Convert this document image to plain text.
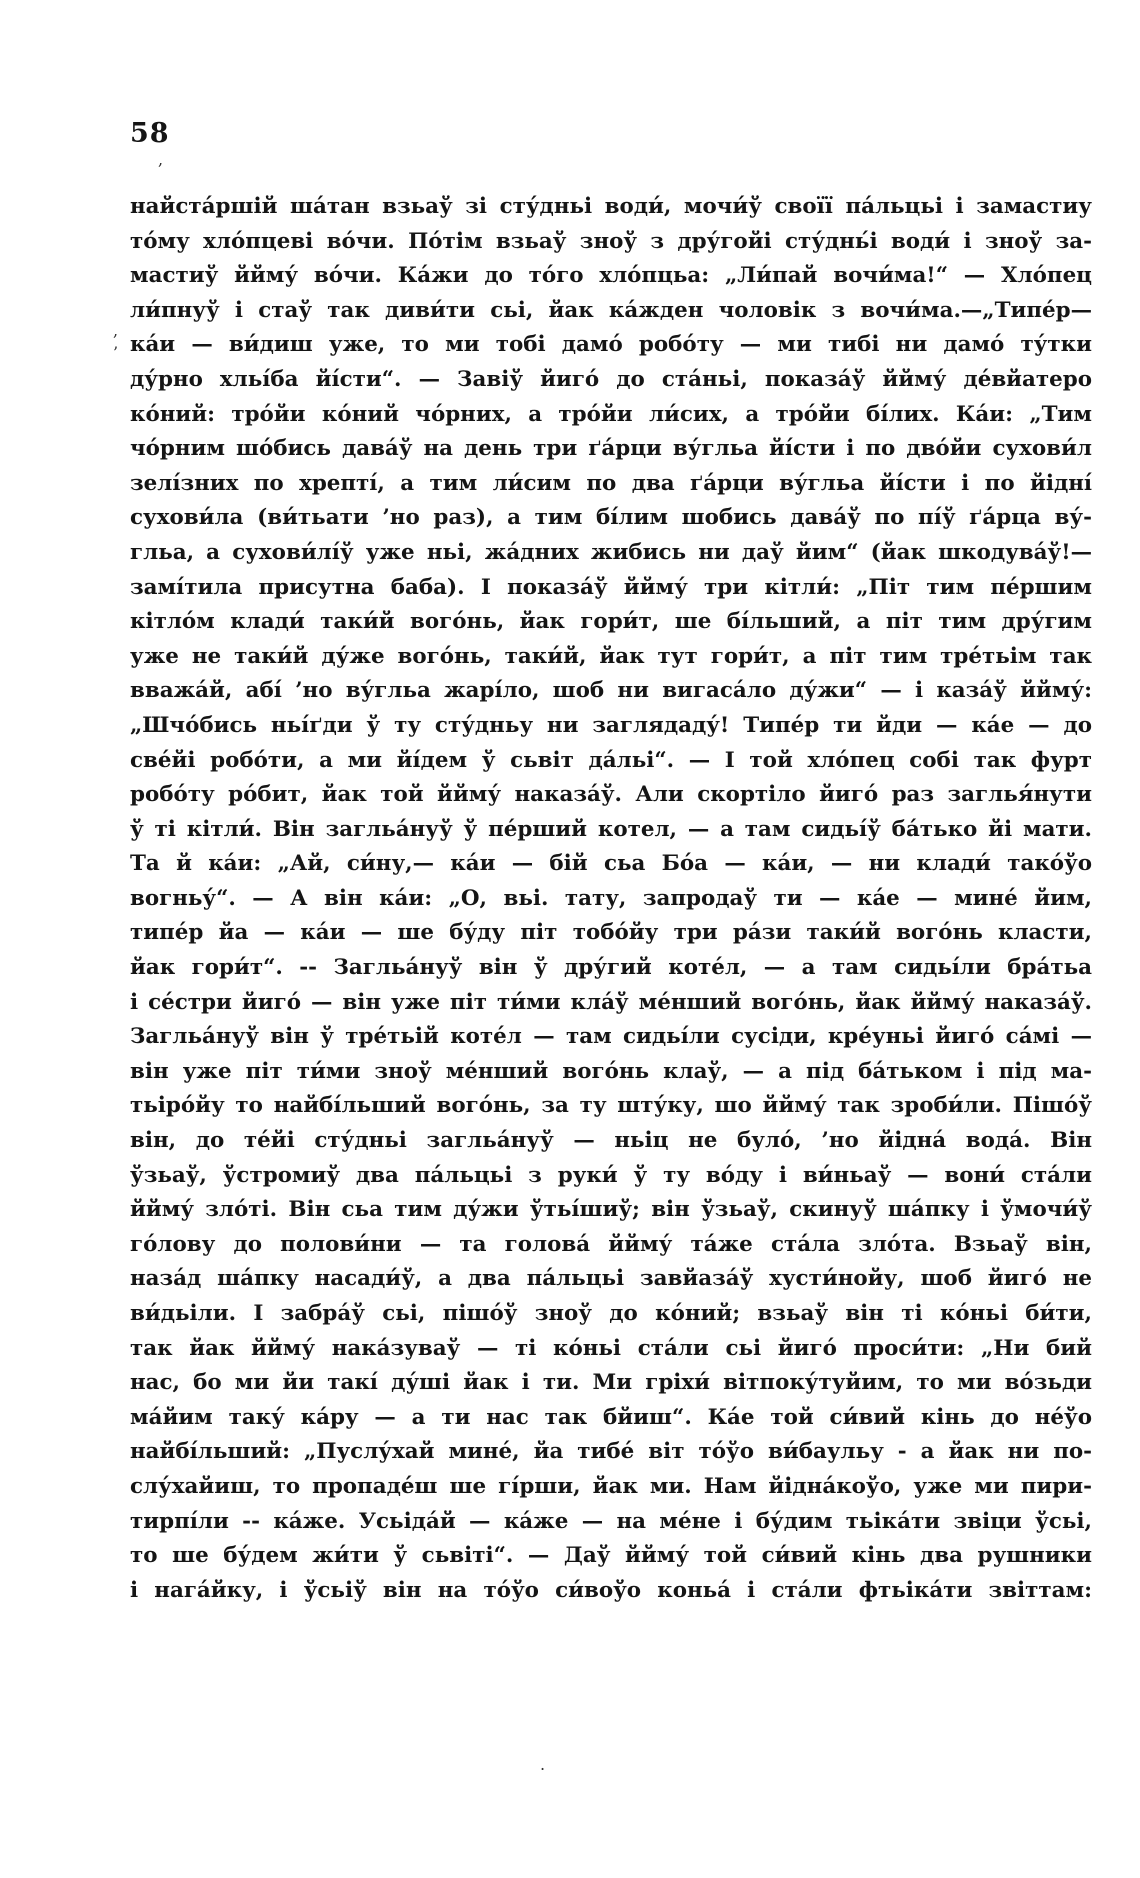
58
,
,
’
.
найста́ршій ша́тан взьаў зі сту́дньі води́, мочи́ў своїї па́льцьі і замастиу
то́му хло́пцеві во́чи. По́тім взьаў зноў з дру́гойі сту́днь́і води́ і зноў за-
мастиў ййму́ во́чи. Ка́жи до то́го хло́пцьа: „Ли́пай вочи́ма!“ — Хло́пец
ли́пнуў і стаў так диви́ти сьі, йак ка́жден чоловік з вочи́ма.—„Типе́р—
ка́и — ви́диш уже, то ми тобі дамо́ робо́ту — ми тибі ни дамо́ ту́тки
ду́рно хльі́ба йі́сти“. — Завіў йиго́ до ста́ньі, показа́ў ййму́ де́вйатеро
ко́ний: тро́йи ко́ний чо́рних, а тро́йи ли́сих, а тро́йи бі́лих. Ка́и: „Тим
чо́рним шо́бись дава́ў на день три ґа́рци ву́гльа йі́сти і по дво́йи сухови́л
зелі́зних по хрепті́, а тим ли́сим по два ґа́рци ву́гльа йі́сти і по йідні́
сухови́ла (ви́тьати ’но раз), а тим бі́лим шобись дава́ў по пі́ў ґа́рца ву́-
гльа, а сухови́лі́ў уже ньі, жа́дних жибись ни даў йим“ (йак шкодува́ў!—
замі́тила присутна баба). І показа́ў ййму́ три кітли́: „Піт тим пе́ршим
кітло́м клади́ таки́й вого́нь, йак гори́т, ше бі́льший, а піт тим дру́гим
уже не таки́й ду́же вого́нь, таки́й, йак тут гори́т, а піт тим тре́тьім так
вважа́й, абі́ ’но ву́гльа жарі́ло, шоб ни вигаса́ло ду́жи“ — і каза́ў ййму́:
„Шчо́бись ньі́ґди ў ту сту́дньу ни заглядаду́! Типе́р ти йди — ка́е — до
све́йі робо́ти, а ми йі́дем ў сьвіт да́льі“. — І той хло́пец собі так фурт
робо́ту ро́бит, йак той ййму́ наказа́ў. Али скортіло йиго́ раз заглья́нути
ў ті кітли́. Він загльа́нуў ў пе́рший котел, — а там сидьі́ў ба́тько йі мати.
Та й ка́и: „Ай, си́ну,— ка́и — бій сьа Бо́а — ка́и, — ни клади́ тако́ўо
вогньу́“. — А він ка́и: „О, вьі. тату, запродаў ти — ка́е — мине́ йим,
типе́р йа — ка́и — ше бу́ду піт тобо́йу три ра́зи таки́й вого́нь класти,
йак гори́т“. -- Загльа́нуў він ў дру́гий коте́л, — а там сидьі́ли бра́тьа
і се́стри йиго́ — він уже піт ти́ми кла́ў ме́нший вого́нь, йак ййму́ наказа́ў.
Загльа́нуў він ў тре́тьій коте́л — там сидьі́ли сусіди, крéуньі йиго́ са́мі —
він уже піт ти́ми зноў ме́нший вого́нь клаў, — а під ба́тьком і під ма-
тьіро́йу то найбі́льший вого́нь, за ту шту́ку, шо ййму́ так зроби́ли. Пішо́ў
він, до те́йі сту́дньі загльа́нуў — ньіц не було́, ’но йідна́ вода́. Він
ўзьаў, ўстромиў два па́льцьі з руки́ ў ту во́ду і ви́ньаў — вони́ ста́ли
ййму́ зло́ті. Він сьа тим ду́жи ўтьі́шиў; він ўзьаў, скинуў ша́пку і ўмочи́ў
го́лову до полови́ни — та голова́ ййму́ та́же ста́ла зло́та. Взьаў він,
наза́д ша́пку насади́ў, а два па́льцьі завйаза́ў хусти́нойу, шоб йиго́ не
ви́дьіли. І забра́ў сьі, пішо́ў зноў до ко́ний; взьаў він ті ко́ньі би́ти,
так йак ййму́ нака́зуваў — ті ко́ньі ста́ли сьі йиго́ проси́ти: „Ни бий
нас, бо ми йи такі́ ду́ші йак і ти. Ми гріхи́ вітпоку́туйим, то ми во́зьди
ма́йим таку́ ка́ру — а ти нас так бйиш“. Ка́е той си́вий кінь до не́ўо
найбі́льший: „Пуслу́хай мине́, йа тибе́ віт то́ўо ви́баульу - а йак ни по-
слу́хайиш, то пропаде́ш ше гі́рши, йак ми. Нам йідна́коўо, уже ми пири-
тирпі́ли -- ка́же. Усьіда́й — ка́же — на ме́не і бу́дим тьіка́ти звіци ўсьі,
то ше бу́дем жи́ти ў сьвіті“. — Даў ййму́ той си́вий кінь два рушники
і нага́йку, і ўсьіў він на то́ўо си́воўо коньа́ і ста́ли фтьіка́ти звіттам:
